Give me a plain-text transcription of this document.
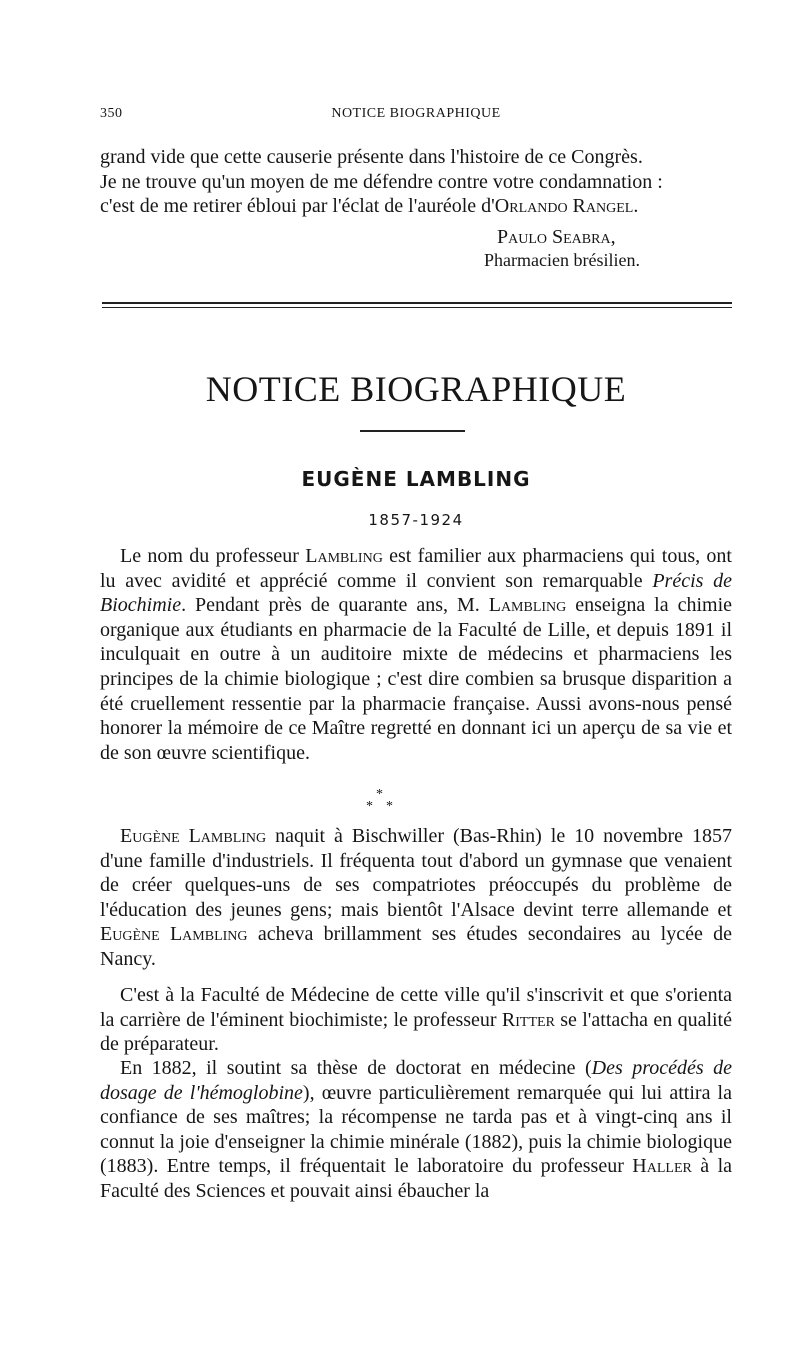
350	NOTICE BIOGRAPHIQUE
grand vide que cette causerie présente dans l'histoire de ce Congrès.
Je ne trouve qu'un moyen de me défendre contre votre condamnation :
c'est de me retirer ébloui par l'éclat de l'auréole d'Orlando Rangel.
Paulo Seabra,
Pharmacien brésilien.
NOTICE BIOGRAPHIQUE
EUGÈNE LAMBLING
1857-1924
Le nom du professeur Lambling est familier aux pharmaciens qui tous, ont lu avec avidité et apprécié comme il convient son remarquable Précis de Biochimie. Pendant près de quarante ans, M. Lambling enseigna la chimie organique aux étudiants en pharmacie de la Faculté de Lille, et depuis 1891 il inculquait en outre à un auditoire mixte de médecins et pharmaciens les principes de la chimie biologique ; c'est dire combien sa brusque disparition a été cruellement ressentie par la pharmacie française. Aussi avons-nous pensé honorer la mémoire de ce Maître regretté en donnant ici un aperçu de sa vie et de son œuvre scientifique.
*
* *
Eugène Lambling naquit à Bischwiller (Bas-Rhin) le 10 novembre 1857 d'une famille d'industriels. Il fréquenta tout d'abord un gymnase que venaient de créer quelques-uns de ses compatriotes préoccupés du problème de l'éducation des jeunes gens; mais bientôt l'Alsace devint terre allemande et Eugène Lambling acheva brillamment ses études secondaires au lycée de Nancy.
C'est à la Faculté de Médecine de cette ville qu'il s'inscrivit et que s'orienta la carrière de l'éminent biochimiste; le professeur Ritter se l'attacha en qualité de préparateur.
En 1882, il soutint sa thèse de doctorat en médecine (Des procédés de dosage de l'hémoglobine), œuvre particulièrement remarquée qui lui attira la confiance de ses maîtres; la récompense ne tarda pas et à vingt-cinq ans il connut la joie d'enseigner la chimie minérale (1882), puis la chimie biologique (1883). Entre temps, il fréquentait le laboratoire du professeur Haller à la Faculté des Sciences et pouvait ainsi ébaucher la
